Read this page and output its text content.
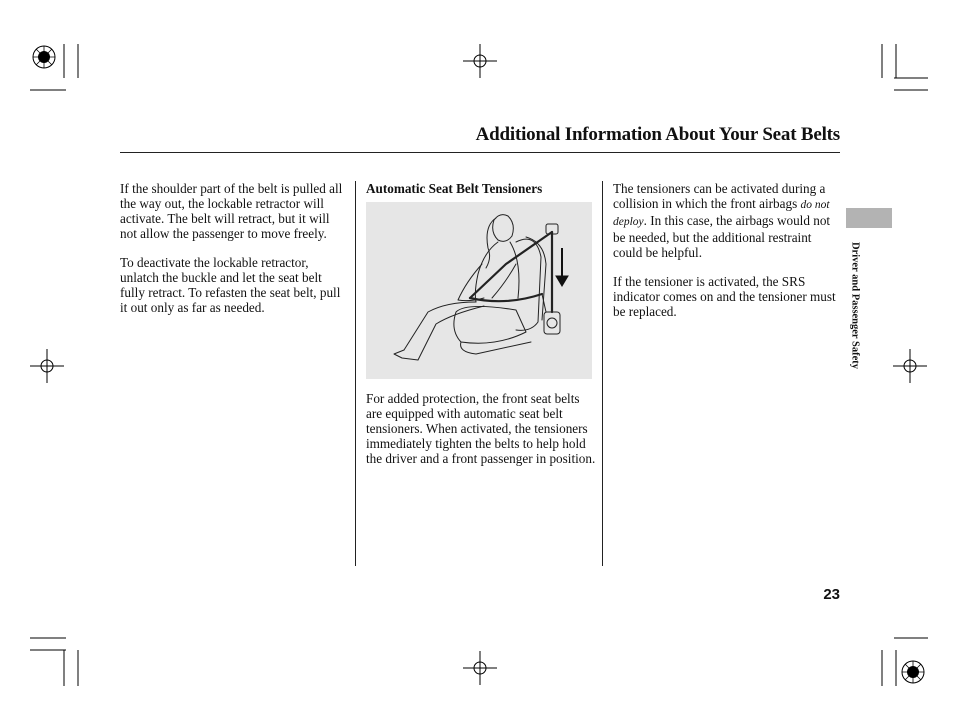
Additional Information About Your Seat Belts

If the shoulder part of the belt is pulled all the way out, the lockable retractor will activate. The belt will retract, but it will not allow the passenger to move freely.

To deactivate the lockable retractor, unlatch the buckle and let the seat belt fully retract. To refasten the seat belt, pull it out only as far as needed.

Automatic Seat Belt Tensioners

For added protection, the front seat belts are equipped with automatic seat belt tensioners. When activated, the tensioners immediately tighten the belts to help hold the driver and a front passenger in position.

The tensioners can be activated during a collision in which the front airbags do not deploy. In this case, the airbags would not be needed, but the additional restraint could be helpful.

If the tensioner is activated, the SRS indicator comes on and the tensioner must be replaced.	Driver and Passenger Safety
23
